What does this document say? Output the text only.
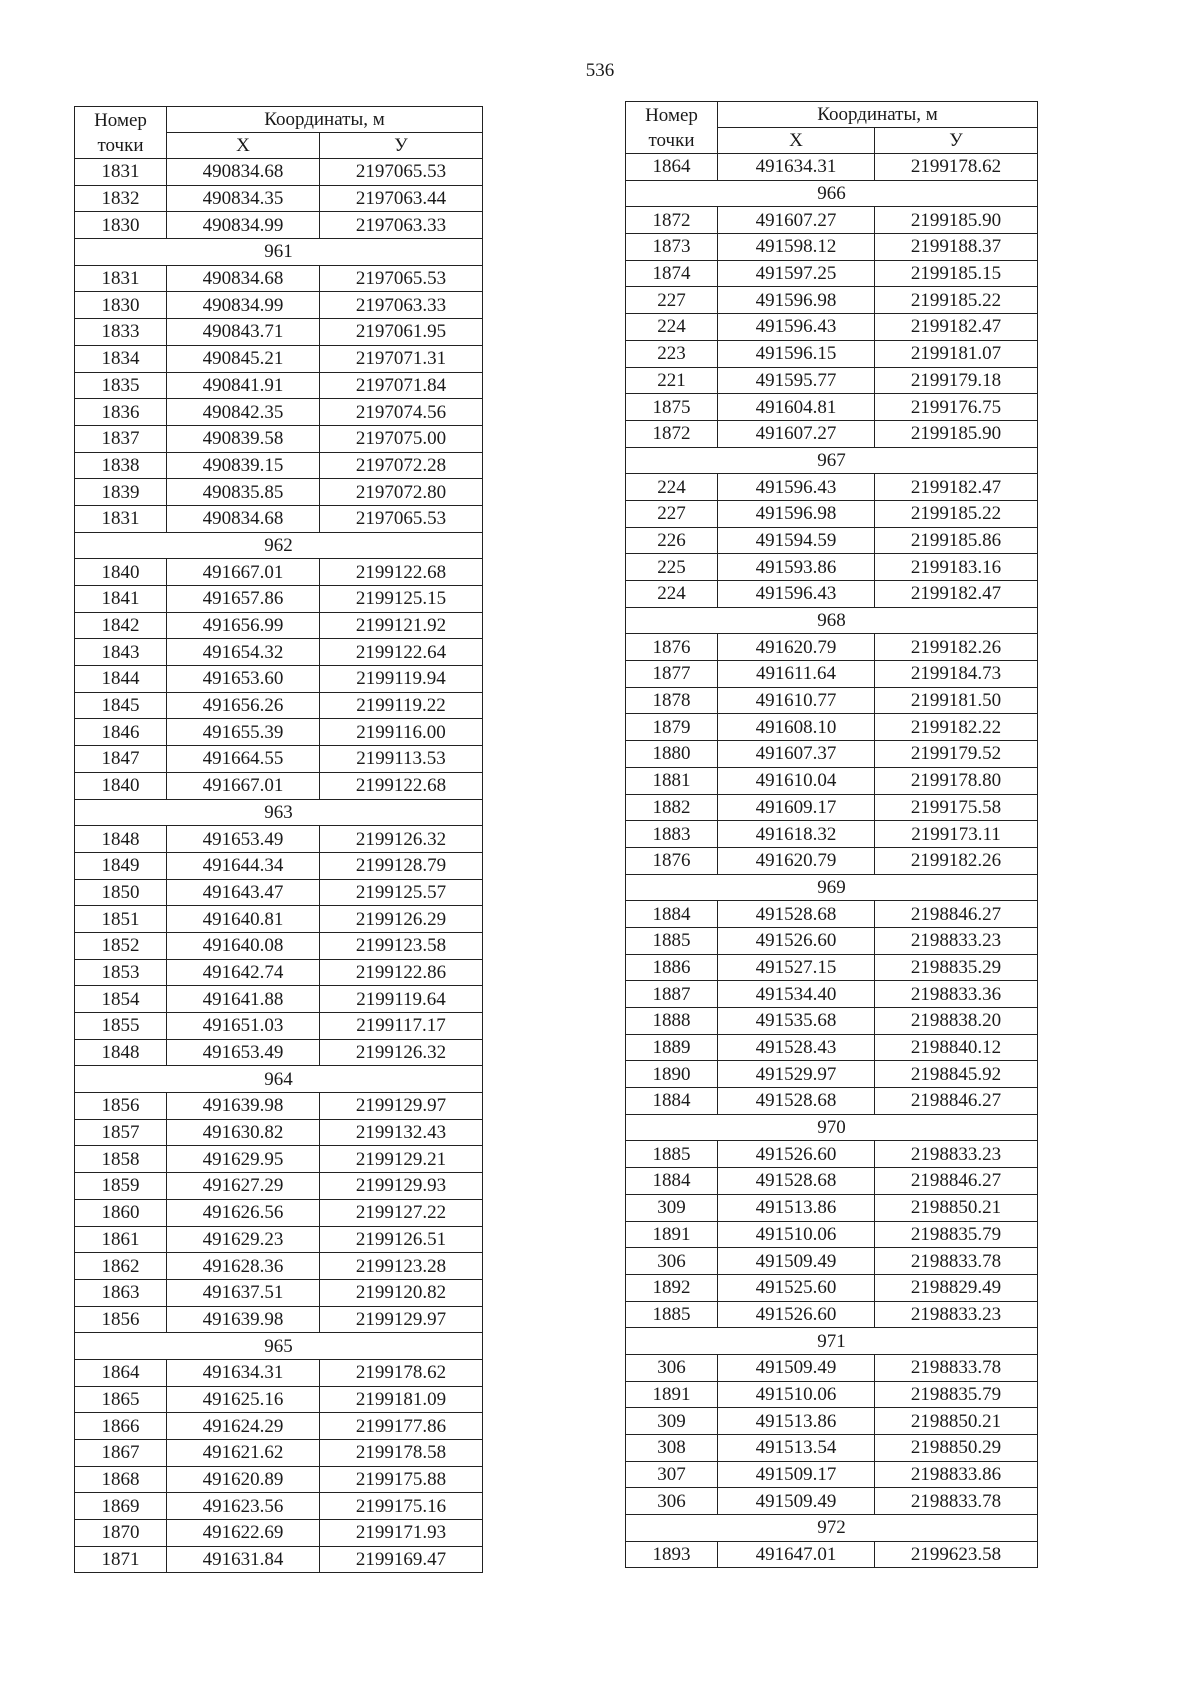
536
Номер точки	Координаты, м	
	X	У
1831	490834.68	2197065.53
1832	490834.35	2197063.44
1830	490834.99	2197063.33
961		
1831	490834.68	2197065.53
1830	490834.99	2197063.33
1833	490843.71	2197061.95
1834	490845.21	2197071.31
1835	490841.91	2197071.84
1836	490842.35	2197074.56
1837	490839.58	2197075.00
1838	490839.15	2197072.28
1839	490835.85	2197072.80
1831	490834.68	2197065.53
962		
1840	491667.01	2199122.68
1841	491657.86	2199125.15
1842	491656.99	2199121.92
1843	491654.32	2199122.64
1844	491653.60	2199119.94
1845	491656.26	2199119.22
1846	491655.39	2199116.00
1847	491664.55	2199113.53
1840	491667.01	2199122.68
963		
1848	491653.49	2199126.32
1849	491644.34	2199128.79
1850	491643.47	2199125.57
1851	491640.81	2199126.29
1852	491640.08	2199123.58
1853	491642.74	2199122.86
1854	491641.88	2199119.64
1855	491651.03	2199117.17
1848	491653.49	2199126.32
964		
1856	491639.98	2199129.97
1857	491630.82	2199132.43
1858	491629.95	2199129.21
1859	491627.29	2199129.93
1860	491626.56	2199127.22
1861	491629.23	2199126.51
1862	491628.36	2199123.28
1863	491637.51	2199120.82
1856	491639.98	2199129.97
965		
1864	491634.31	2199178.62
1865	491625.16	2199181.09
1866	491624.29	2199177.86
1867	491621.62	2199178.58
1868	491620.89	2199175.88
1869	491623.56	2199175.16
1870	491622.69	2199171.93
1871	491631.84	2199169.47
Номер точки	Координаты, м	
	X	У
1864	491634.31	2199178.62
966		
1872	491607.27	2199185.90
1873	491598.12	2199188.37
1874	491597.25	2199185.15
227	491596.98	2199185.22
224	491596.43	2199182.47
223	491596.15	2199181.07
221	491595.77	2199179.18
1875	491604.81	2199176.75
1872	491607.27	2199185.90
967		
224	491596.43	2199182.47
227	491596.98	2199185.22
226	491594.59	2199185.86
225	491593.86	2199183.16
224	491596.43	2199182.47
968		
1876	491620.79	2199182.26
1877	491611.64	2199184.73
1878	491610.77	2199181.50
1879	491608.10	2199182.22
1880	491607.37	2199179.52
1881	491610.04	2199178.80
1882	491609.17	2199175.58
1883	491618.32	2199173.11
1876	491620.79	2199182.26
969		
1884	491528.68	2198846.27
1885	491526.60	2198833.23
1886	491527.15	2198835.29
1887	491534.40	2198833.36
1888	491535.68	2198838.20
1889	491528.43	2198840.12
1890	491529.97	2198845.92
1884	491528.68	2198846.27
970		
1885	491526.60	2198833.23
1884	491528.68	2198846.27
309	491513.86	2198850.21
1891	491510.06	2198835.79
306	491509.49	2198833.78
1892	491525.60	2198829.49
1885	491526.60	2198833.23
971		
306	491509.49	2198833.78
1891	491510.06	2198835.79
309	491513.86	2198850.21
308	491513.54	2198850.29
307	491509.17	2198833.86
306	491509.49	2198833.78
972		
1893	491647.01	2199623.58
